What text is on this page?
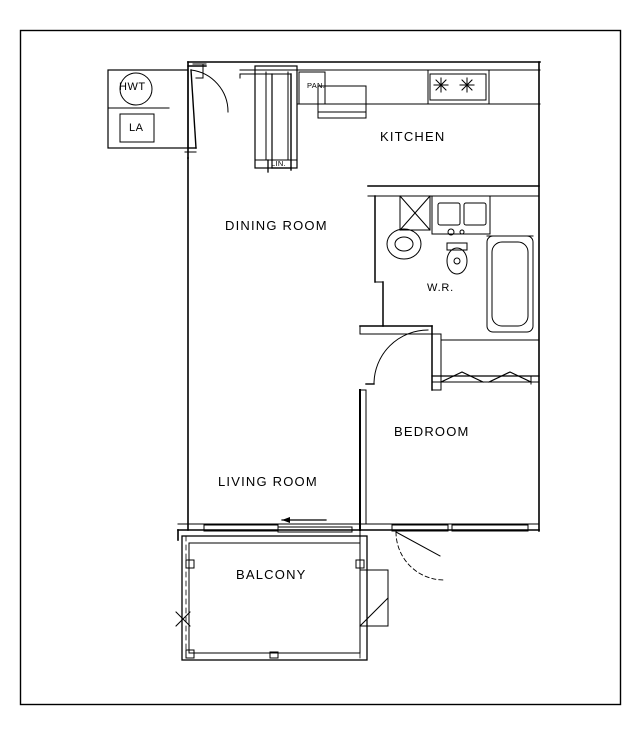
KITCHEN
DINING ROOM
LIVING ROOM
BEDROOM
W.R.
BALCONY
HWT
LA
PAN.
LIN.
